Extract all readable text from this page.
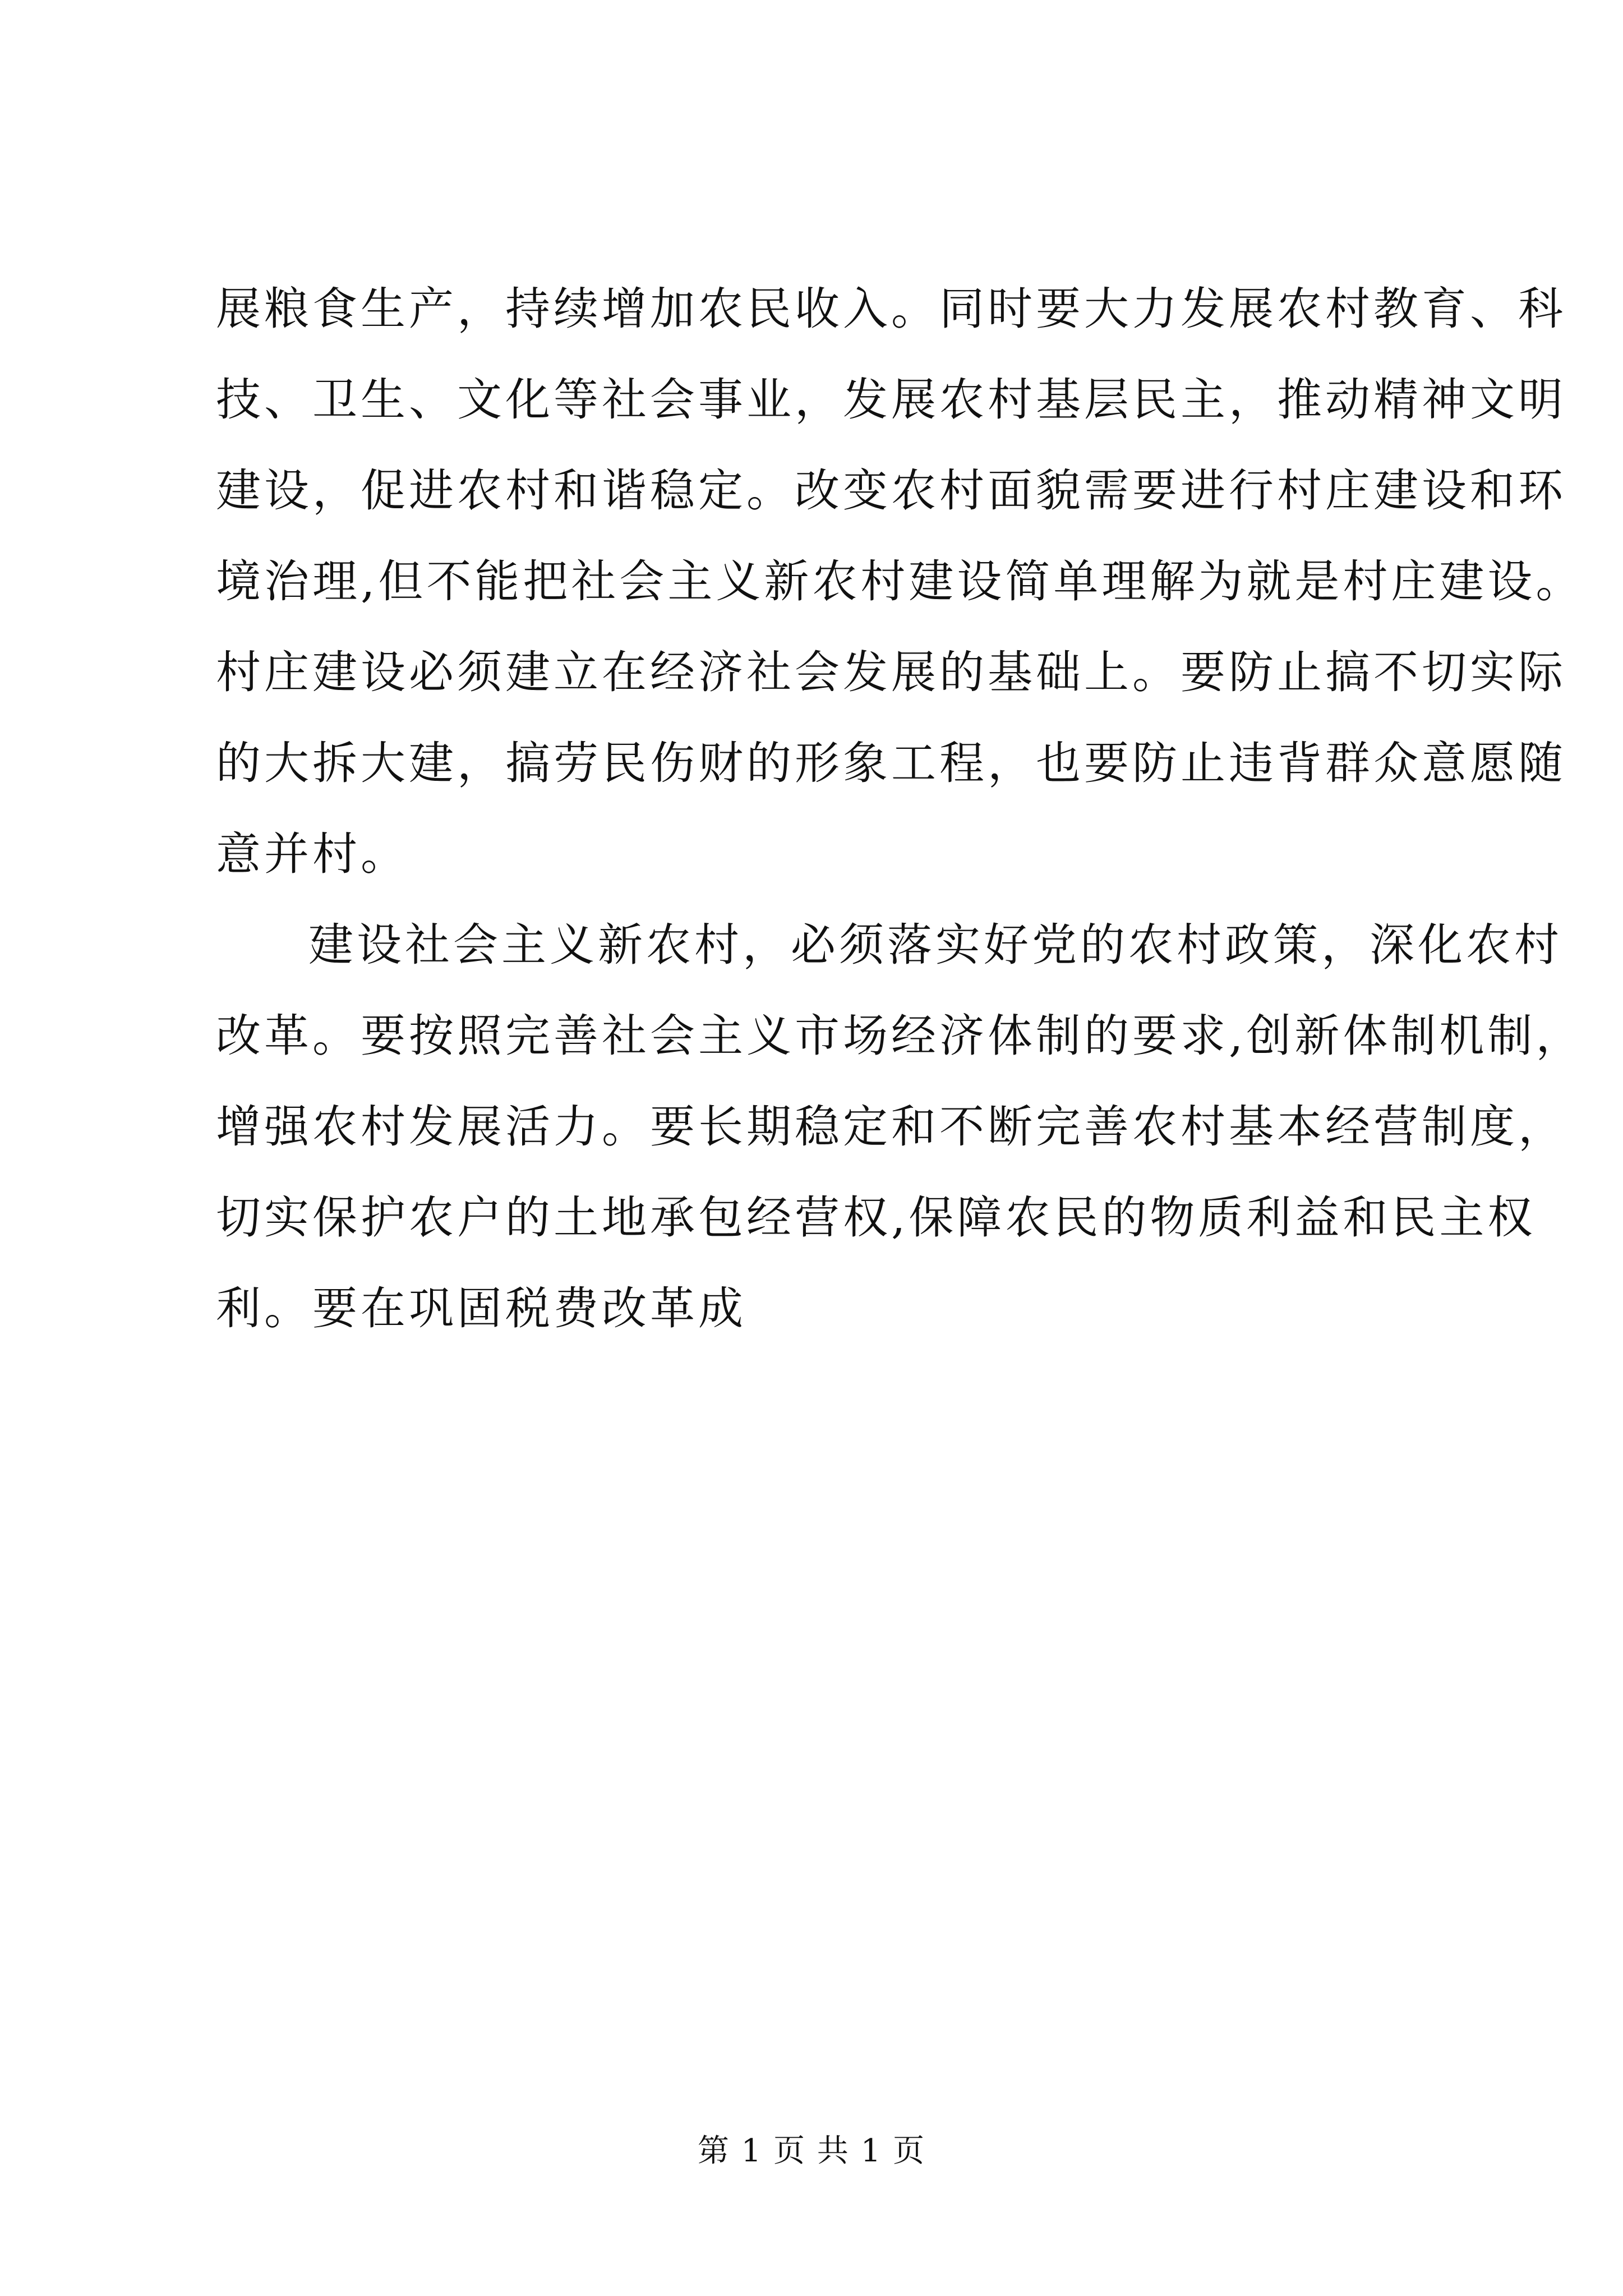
展粮食生产，持续增加农民收入。同时要大力发展农村教育、科
技、卫生、文化等社会事业，发展农村基层民主，推动精神文明
建设，促进农村和谐稳定。改变农村面貌需要进行村庄建设和环
境治理,但不能把社会主义新农村建设简单理解为就是村庄建设。
村庄建设必须建立在经济社会发展的基础上。要防止搞不切实际
的大拆大建，搞劳民伤财的形象工程，也要防止违背群众意愿随
意并村。
建设社会主义新农村，必须落实好党的农村政策，深化农村
改革。要按照完善社会主义市场经济体制的要求,创新体制机制，
增强农村发展活力。要长期稳定和不断完善农村基本经营制度，
切实保护农户的土地承包经营权,保障农民的物质利益和民主权
利。要在巩固税费改革成
第 1 页 共 1 页
